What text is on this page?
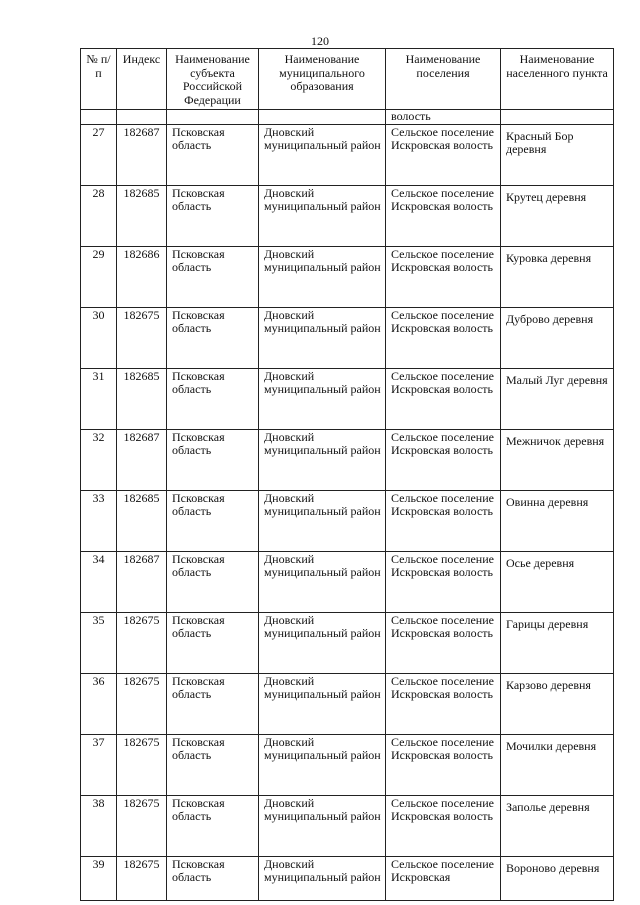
120
№ п/п	Индекс	Наименование субъекта Российской Федерации	Наименование муниципального образования	Наименование поселения	Наименование населенного пункта
				волость	
27	182687	Псковская область	Дновский муниципальный район	Сельское поселение Искровская волость	Красный Бор деревня
28	182685	Псковская область	Дновский муниципальный район	Сельское поселение Искровская волость	Крутец деревня
29	182686	Псковская область	Дновский муниципальный район	Сельское поселение Искровская волость	Куровка деревня
30	182675	Псковская область	Дновский муниципальный район	Сельское поселение Искровская волость	Дуброво деревня
31	182685	Псковская область	Дновский муниципальный район	Сельское поселение Искровская волость	Малый Луг деревня
32	182687	Псковская область	Дновский муниципальный район	Сельское поселение Искровская волость	Межничок деревня
33	182685	Псковская область	Дновский муниципальный район	Сельское поселение Искровская волость	Овинна деревня
34	182687	Псковская область	Дновский муниципальный район	Сельское поселение Искровская волость	Осье деревня
35	182675	Псковская область	Дновский муниципальный район	Сельское поселение Искровская волость	Гарицы деревня
36	182675	Псковская область	Дновский муниципальный район	Сельское поселение Искровская волость	Карзово деревня
37	182675	Псковская область	Дновский муниципальный район	Сельское поселение Искровская волость	Мочилки деревня
38	182675	Псковская область	Дновский муниципальный район	Сельское поселение Искровская волость	Заполье деревня
39	182675	Псковская область	Дновский муниципальный район	Сельское поселение Искровская	Вороново деревня
